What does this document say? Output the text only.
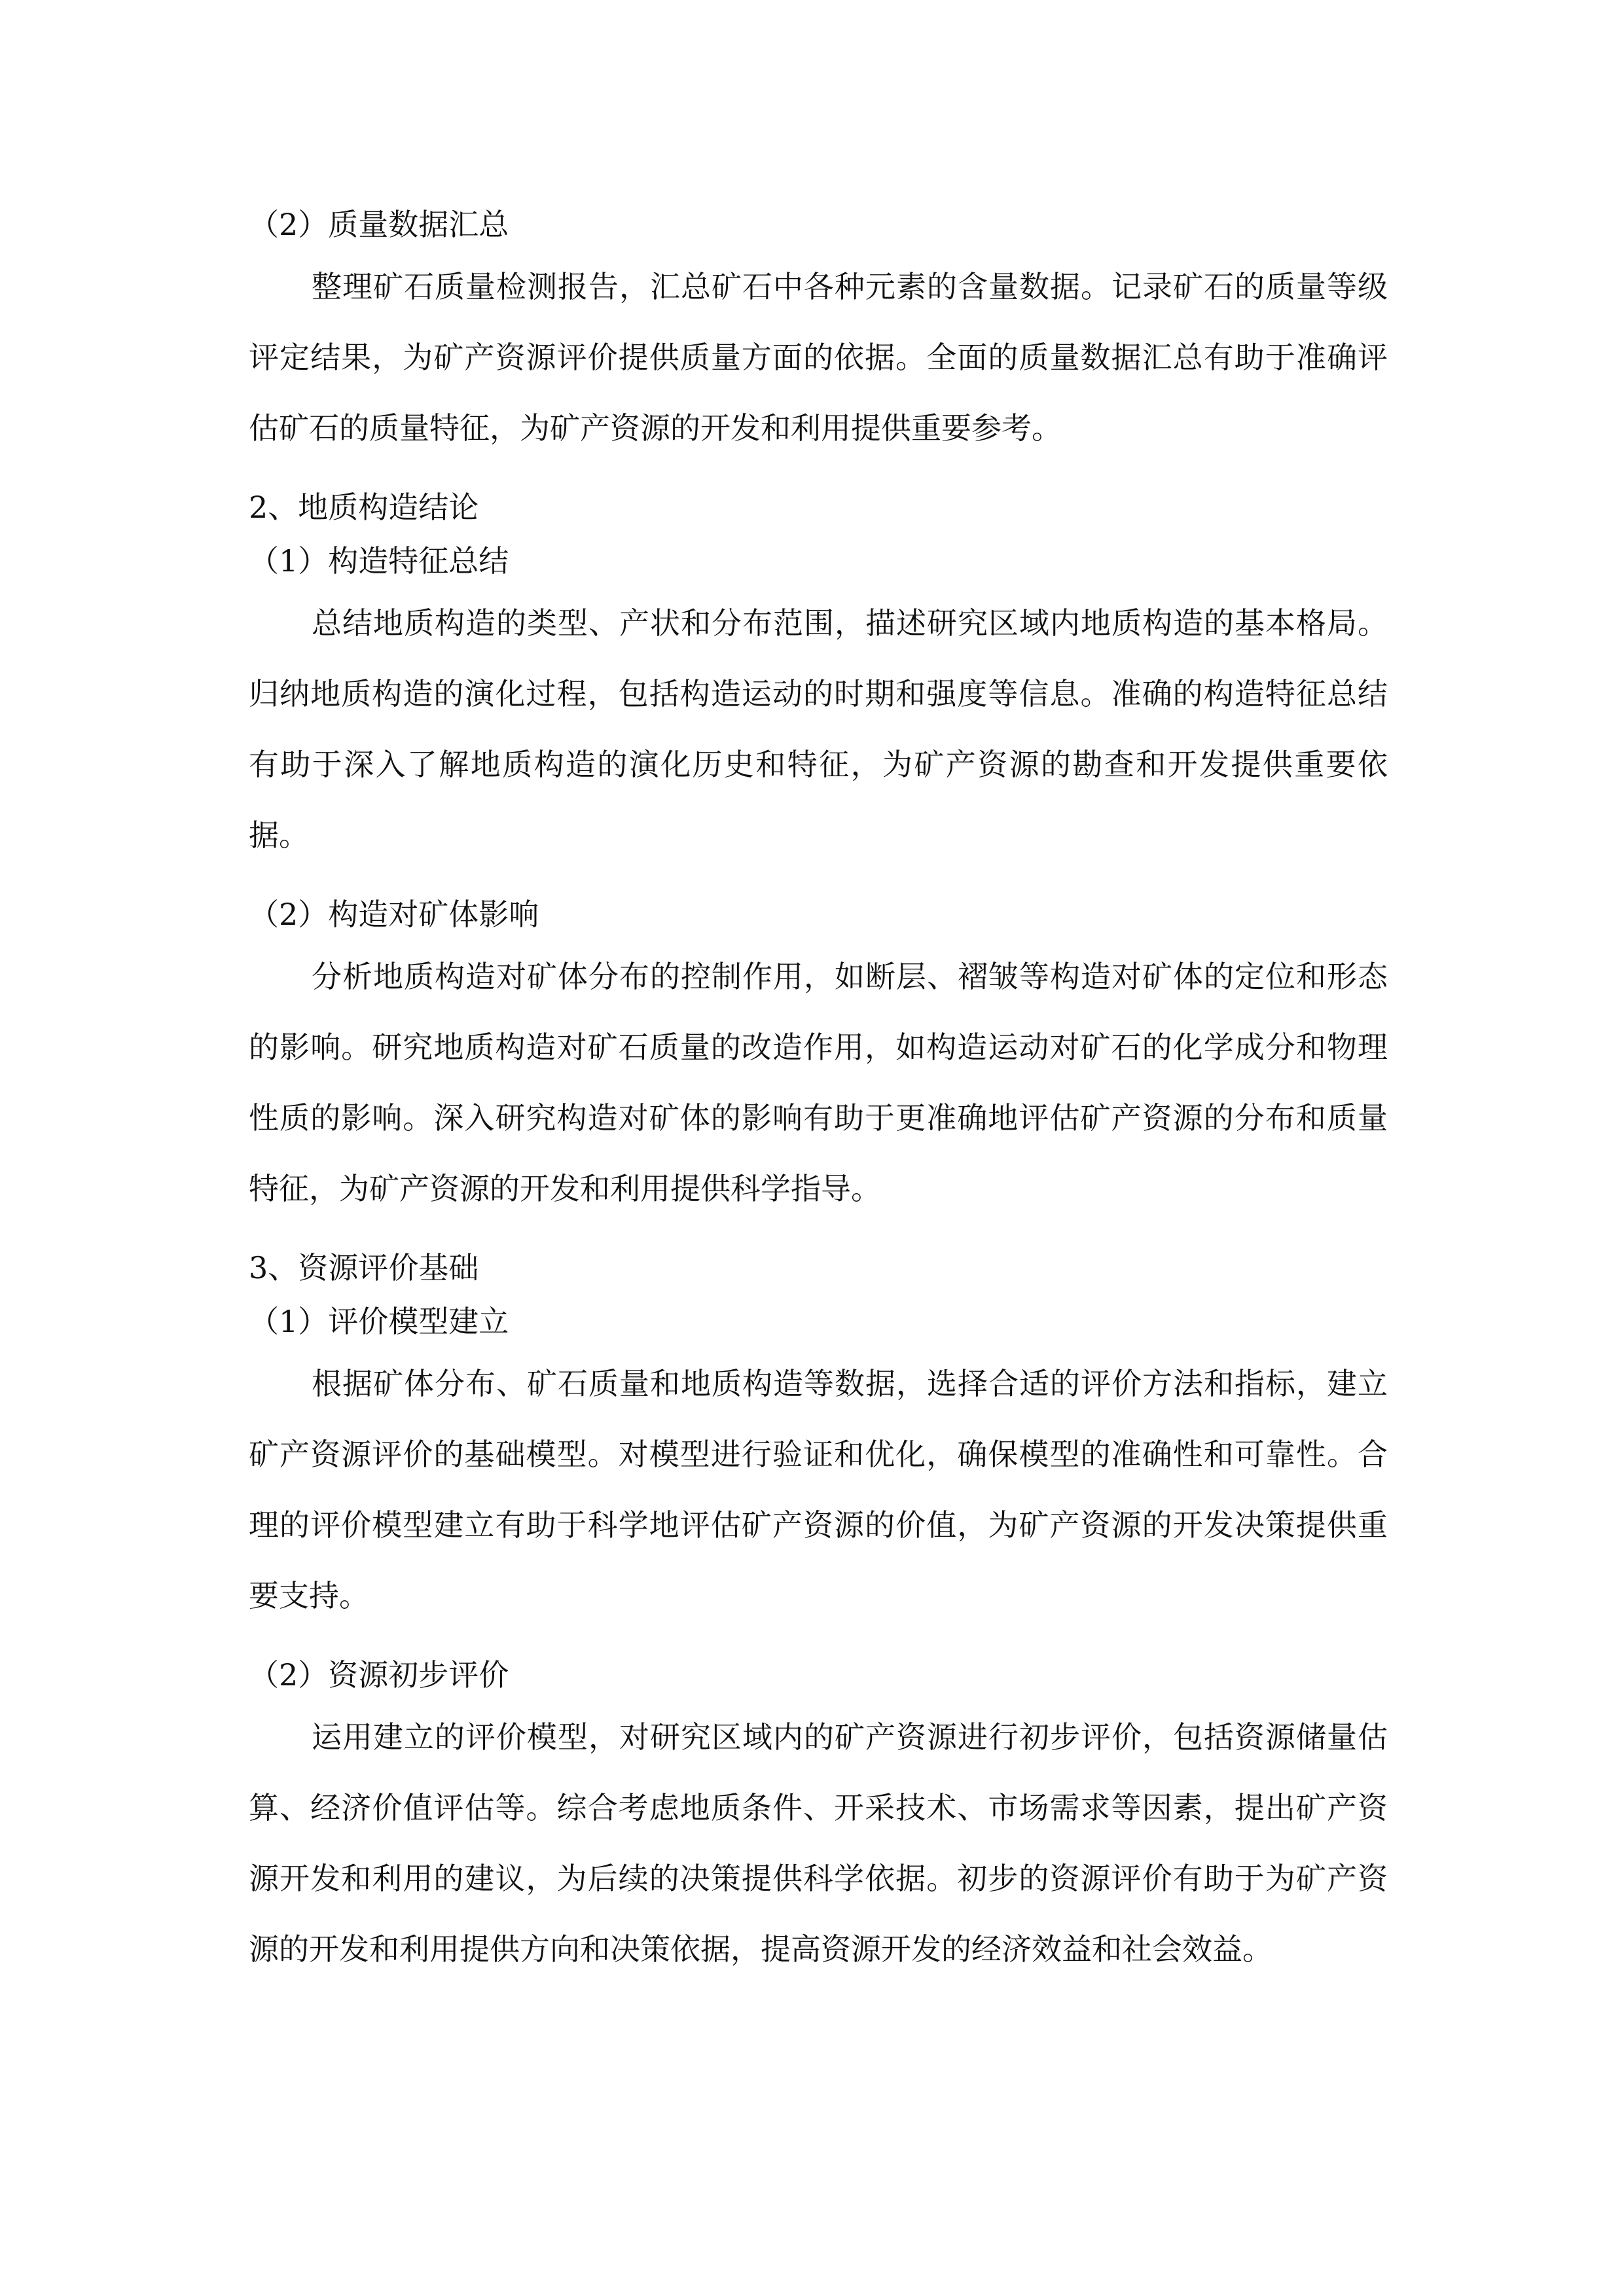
（2）质量数据汇总

整理矿石质量检测报告，汇总矿石中各种元素的含量数据。记录矿石的质量等级评定结果，为矿产资源评价提供质量方面的依据。全面的质量数据汇总有助于准确评估矿石的质量特征，为矿产资源的开发和利用提供重要参考。

2、地质构造结论

（1）构造特征总结

总结地质构造的类型、产状和分布范围，描述研究区域内地质构造的基本格局。归纳地质构造的演化过程，包括构造运动的时期和强度等信息。准确的构造特征总结有助于深入了解地质构造的演化历史和特征，为矿产资源的勘查和开发提供重要依据。

（2）构造对矿体影响

分析地质构造对矿体分布的控制作用，如断层、褶皱等构造对矿体的定位和形态的影响。研究地质构造对矿石质量的改造作用，如构造运动对矿石的化学成分和物理性质的影响。深入研究构造对矿体的影响有助于更准确地评估矿产资源的分布和质量特征，为矿产资源的开发和利用提供科学指导。

3、资源评价基础

（1）评价模型建立

根据矿体分布、矿石质量和地质构造等数据，选择合适的评价方法和指标，建立矿产资源评价的基础模型。对模型进行验证和优化，确保模型的准确性和可靠性。合理的评价模型建立有助于科学地评估矿产资源的价值，为矿产资源的开发决策提供重要支持。

（2）资源初步评价

运用建立的评价模型，对研究区域内的矿产资源进行初步评价，包括资源储量估算、经济价值评估等。综合考虑地质条件、开采技术、市场需求等因素，提出矿产资源开发和利用的建议，为后续的决策提供科学依据。初步的资源评价有助于为矿产资源的开发和利用提供方向和决策依据，提高资源开发的经济效益和社会效益。
